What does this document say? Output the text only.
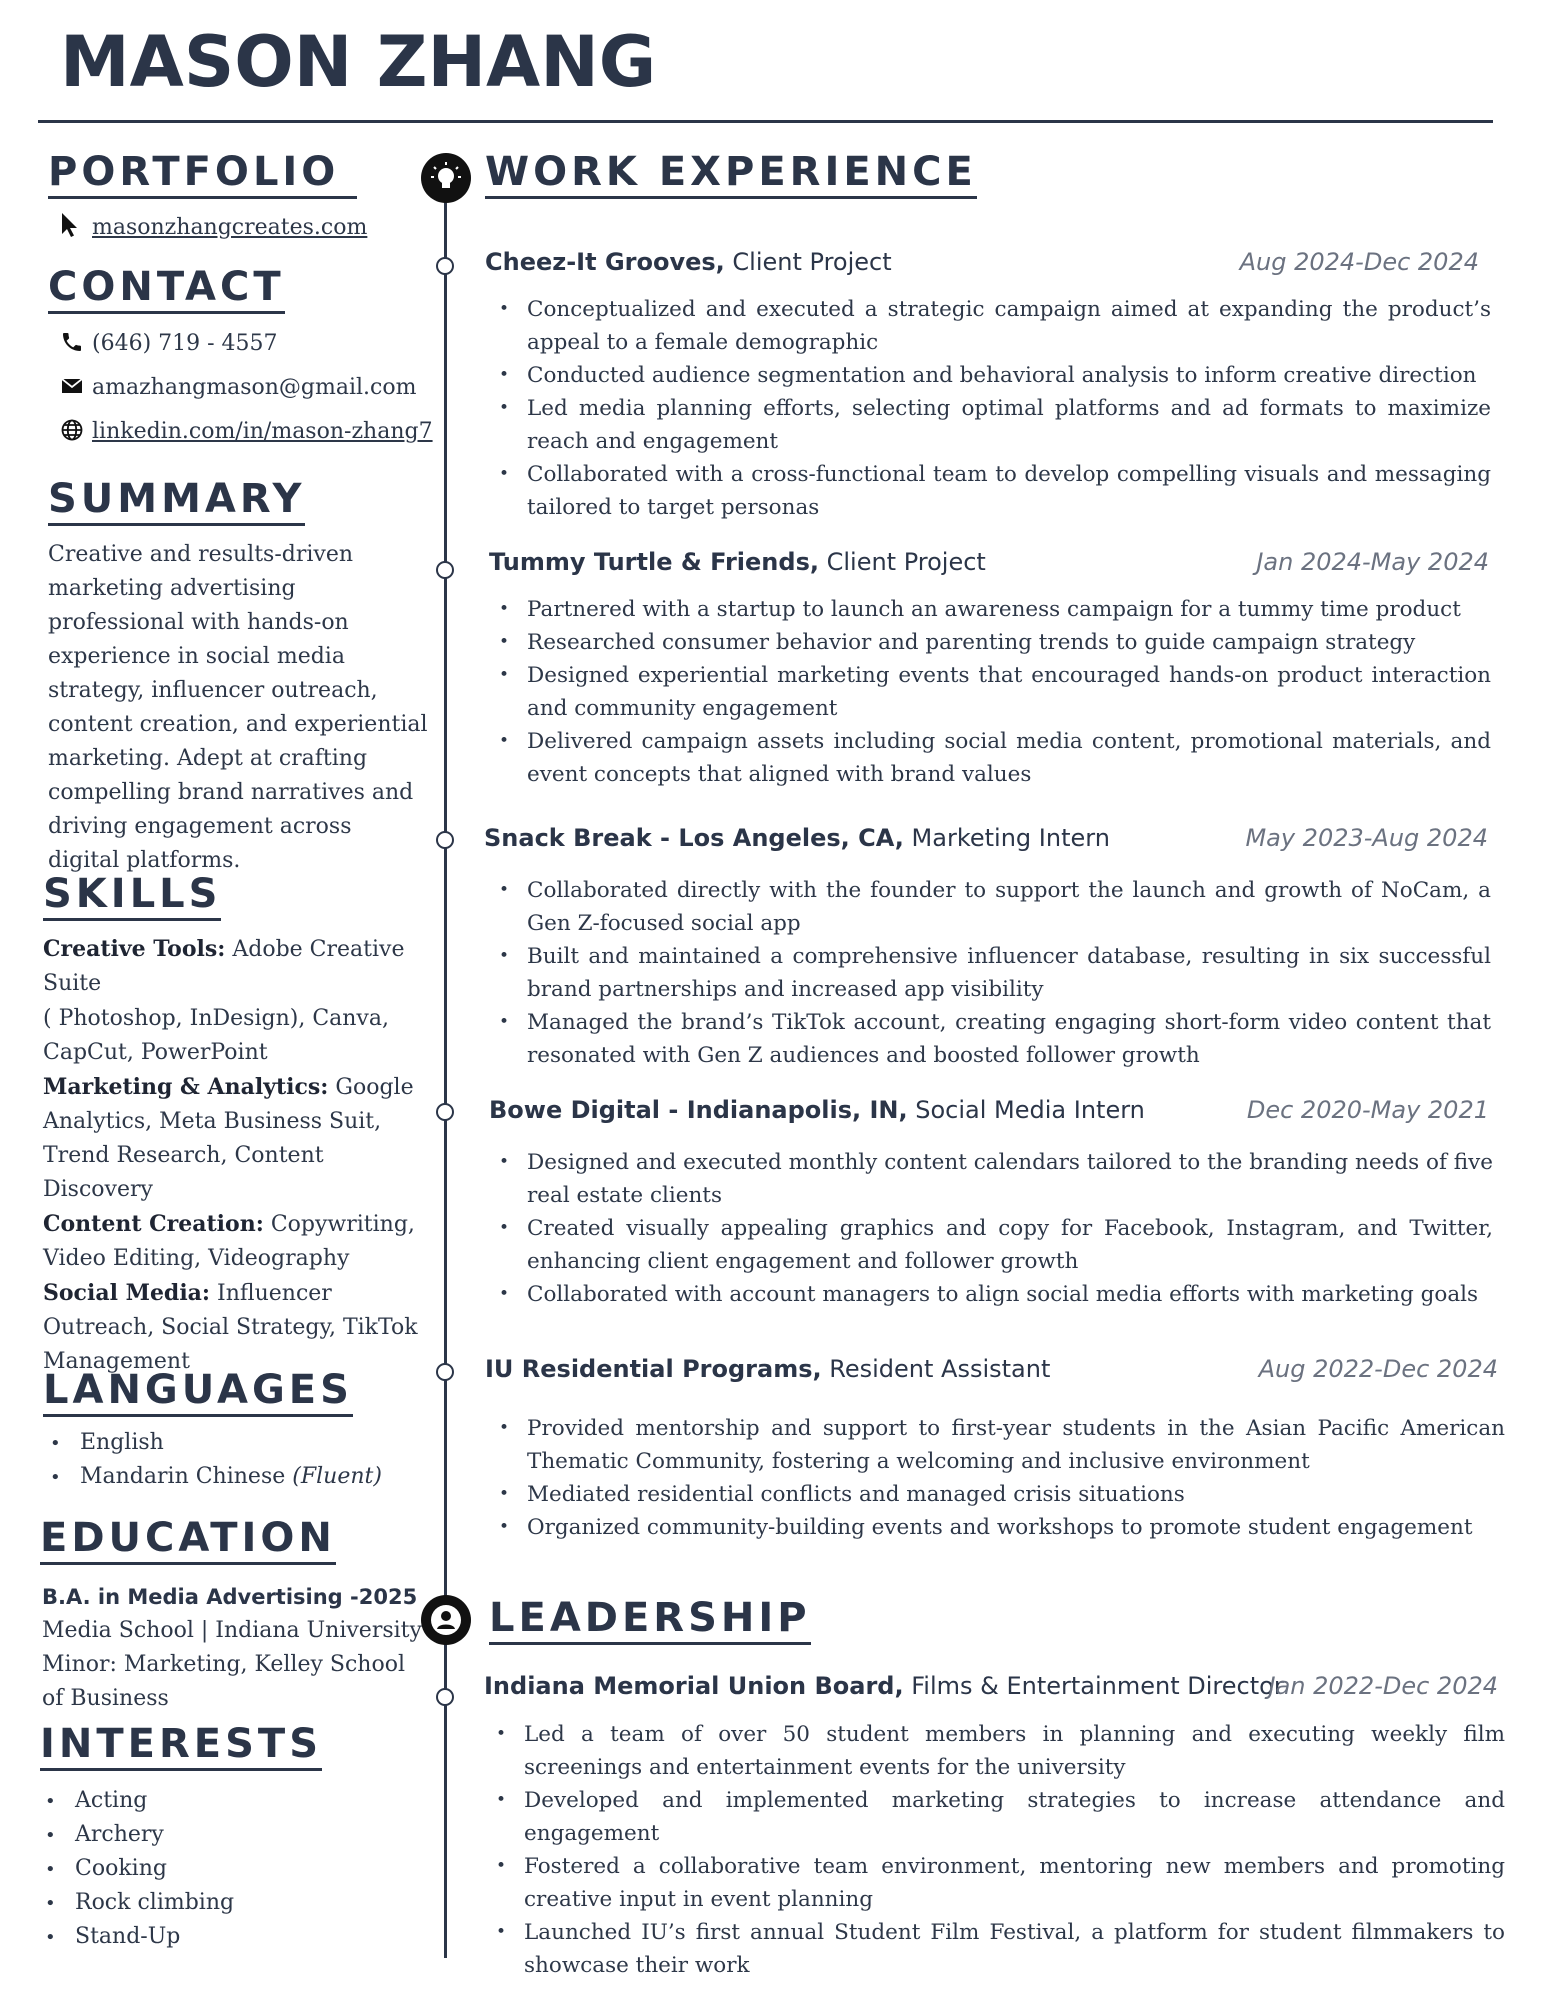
MASON ZHANG
PORTFOLIO
masonzhangcreates.com
CONTACT
(646) 719 - 4557
amazhangmason@gmail.com
linkedin.com/in/mason-zhang7
SUMMARY
Creative and results-driven marketing advertising professional with hands-on experience in social media strategy, influencer outreach, content creation, and experiential marketing. Adept at crafting compelling brand narratives and driving engagement across digital platforms.
SKILLS
Creative Tools: Adobe Creative Suite
( Photoshop, InDesign), Canva, CapCut, PowerPoint
Marketing & Analytics: Google Analytics, Meta Business Suit, Trend Research, Content Discovery
Content Creation: Copywriting, Video Editing, Videography
Social Media: Influencer Outreach, Social Strategy, TikTok Management
LANGUAGES
• English
• Mandarin Chinese (Fluent)
EDUCATION
B.A. in Media Advertising -2025
Media School | Indiana University
Minor: Marketing, Kelley School of Business
INTERESTS
• Acting
• Archery
• Cooking
• Rock climbing
• Stand-Up
WORK EXPERIENCE
Cheez-It Grooves, Client Project	Aug 2024-Dec 2024
• Conceptualized and executed a strategic campaign aimed at expanding the product’s appeal to a female demographic
• Conducted audience segmentation and behavioral analysis to inform creative direction
• Led media planning efforts, selecting optimal platforms and ad formats to maximize reach and engagement
• Collaborated with a cross-functional team to develop compelling visuals and messaging tailored to target personas
Tummy Turtle & Friends, Client Project	Jan 2024-May 2024
• Partnered with a startup to launch an awareness campaign for a tummy time product
• Researched consumer behavior and parenting trends to guide campaign strategy
• Designed experiential marketing events that encouraged hands-on product interaction and community engagement
• Delivered campaign assets including social media content, promotional materials, and event concepts that aligned with brand values
Snack Break - Los Angeles, CA, Marketing Intern	May 2023-Aug 2024
• Collaborated directly with the founder to support the launch and growth of NoCam, a Gen Z-focused social app
• Built and maintained a comprehensive influencer database, resulting in six successful brand partnerships and increased app visibility
• Managed the brand’s TikTok account, creating engaging short-form video content that resonated with Gen Z audiences and boosted follower growth
Bowe Digital - Indianapolis, IN, Social Media Intern	Dec 2020-May 2021
• Designed and executed monthly content calendars tailored to the branding needs of five real estate clients
• Created visually appealing graphics and copy for Facebook, Instagram, and Twitter, enhancing client engagement and follower growth
• Collaborated with account managers to align social media efforts with marketing goals
IU Residential Programs, Resident Assistant	Aug 2022-Dec 2024
• Provided mentorship and support to first-year students in the Asian Pacific American Thematic Community, fostering a welcoming and inclusive environment
• Mediated residential conflicts and managed crisis situations
• Organized community-building events and workshops to promote student engagement
LEADERSHIP
Indiana Memorial Union Board, Films & Entertainment Director
Jan 2022-Dec 2024
• Led a team of over 50 student members in planning and executing weekly film screenings and entertainment events for the university
• Developed and implemented marketing strategies to increase attendance and engagement
• Fostered a collaborative team environment, mentoring new members and promoting creative input in event planning
• Launched IU’s first annual Student Film Festival, a platform for student filmmakers to showcase their work
